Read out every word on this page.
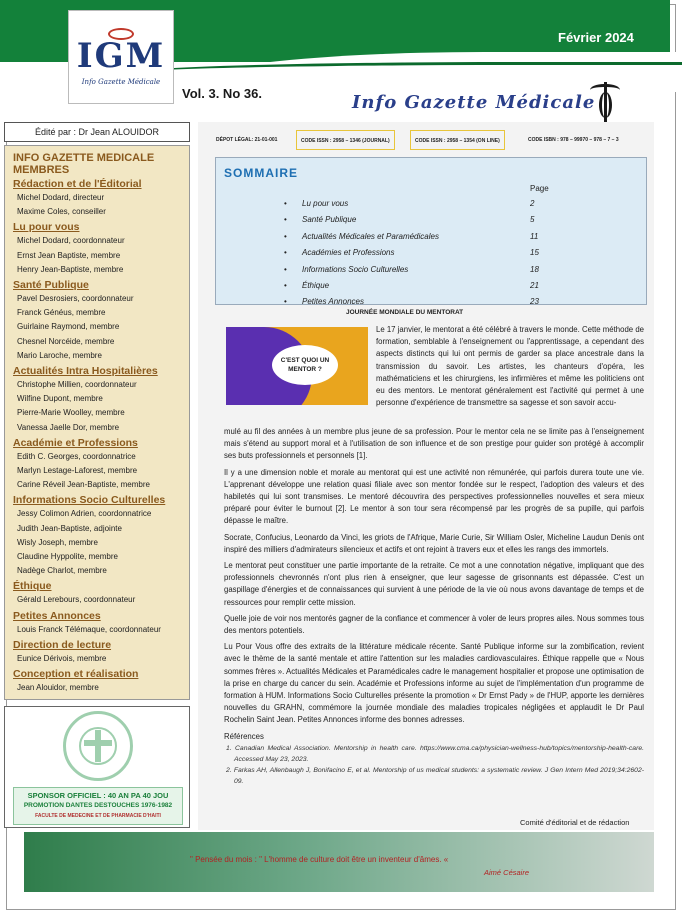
IGM
Info Gazette Médicale
Février 2024
Vol. 3. No 36.	Info Gazette Médicale
Édité par : Dr Jean ALOUIDOR
INFO GAZETTE MEDICALE
MEMBRES
Rédaction et de l'Éditorial
Michel Dodard, directeur
Maxime Coles, conseiller
Lu pour vous
Michel Dodard, coordonnateur
Ernst Jean Baptiste, membre
Henry Jean-Baptiste, membre
Santé Publique
Pavel Desrosiers, coordonnateur
Franck Généus, membre
Guirlaine Raymond, membre
Chesnel Norcéide, membre
Mario Laroche, membre
Actualités Intra Hospitalières
Christophe Millien, coordonnateur
Wilfine Dupont, membre
Pierre-Marie Woolley, membre
Vanessa Jaelle Dor, membre
Académie et Professions
Edith C. Georges, coordonnatrice
Marlyn Lestage-Laforest, membre
Carine Réveil Jean-Baptiste, membre
Informations Socio Culturelles
Jessy Colimon Adrien, coordonnatrice
Judith Jean-Baptiste, adjointe
Wisly Joseph, membre
Claudine Hyppolite, membre
Nadège Charlot, membre
Éthique
Gérald Lerebours, coordonnateur
Petites Annonces
Louis Franck Télémaque, coordonnateur
Direction de lecture
Eunice Dérivois, membre
Conception et réalisation
Jean Alouidor, membre
SPONSOR OFFICIEL : 40 AN PA 40 JOU
PROMOTION DANTES DESTOUCHES 1976-1982
FACULTE DE MEDECINE ET DE PHARMACIE D'HAITI
DÉPOT LÉGAL: 21-01-001	CODE ISSN : 2958 – 1346 (JOURNAL)	CODE ISSN : 2958 – 1354 (ON LINE)	CODE ISBN : 978 – 99970 – 978 – 7 – 3
SOMMAIRE
Page
• Lu pour vous	2
• Santé Publique	5
• Actualités Médicales et Paramédicales	11
• Académies et Professions	15
• Informations Socio Culturelles	18
• Éthique	21
• Petites Annonces	23
JOURNÉE MONDIALE DU MENTORAT
C'EST QUOI UN MENTOR ?
Le 17 janvier, le mentorat a été célébré à travers le monde. Cette méthode de formation, semblable à l'enseignement ou l'apprentissage, a cependant des aspects distincts qui lui ont permis de garder sa place ancestrale dans la transmission du savoir. Les artistes, les chanteurs d'opéra, les mathématiciens et les chirurgiens, les infirmières et même les politiciens ont eu des mentors. Le mentorat généralement est l'activité qui permet à une personne d'expérience de transmettre sa sagesse et son savoir accu-

mulé au fil des années à un membre plus jeune de sa profession. Pour le mentor cela ne se limite pas à l'enseignement mais s'étend au support moral et à l'utilisation de son influence et de son prestige pour guider son protégé à accomplir ses buts professionnels et personnels [1].

Il y a une dimension noble et morale au mentorat qui est une activité non rémunérée, qui parfois durera toute une vie. L'apprenant développe une relation quasi filiale avec son mentor fondée sur le respect, l'adoption des valeurs et des habiletés qui lui sont transmises. Le mentoré découvrira des perspectives professionnelles nouvelles et sera mieux préparé pour éviter le burnout [2]. Le mentor à son tour sera récompensé par les progrès de sa pupille, qui parfois dépasse le maître.

Socrate, Confucius, Leonardo da Vinci, les griots de l'Afrique, Marie Curie, Sir William Osler, Micheline Laudun Denis ont inspiré des milliers d'admirateurs silencieux et actifs et ont rejoint à travers eux et elles les rangs des immortels.

Le mentorat peut constituer une partie importante de la retraite. Ce mot a une connotation négative, impliquant que des professionnels chevronnés n'ont plus rien à enseigner, que leur sagesse de grisonnants est dépassée. C'est un gaspillage d'énergies et de connaissances qui survient à une période de la vie où nous avons davantage de temps et de ressources pour remplir cette mission.

Quelle joie de voir nos mentorés gagner de la confiance et commencer à voler de leurs propres ailes. Nous sommes tous des mentors potentiels.

Lu Pour Vous offre des extraits de la littérature médicale récente. Santé Publique informe sur la zombification, revient avec le thème de la santé mentale et attire l'attention sur les maladies cardiovasculaires. Éthique rappelle que « Nous sommes frères ». Actualités Médicales et Paramédicales cadre le management hospitalier et propose une optimisation de la prise en charge du cancer du sein. Académie et Professions informe au sujet de l'implémentation d'un programme de formation à HUM. Informations Socio Culturelles présente la promotion « Dr Ernst Pady » de l'HUP, apporte les dernières nouvelles du GRAHN, commémore la journée mondiale des maladies tropicales négligées et applaudit le Dr Paul Rochelin Saint Jean. Petites Annonces informe des bonnes adresses.

Références
1. Canadian Medical Association. Mentorship in health care. https://www.cma.ca/physician-wellness-hub/topics/mentorship-health-care. Accessed May 23, 2023.
2. Farkas AH, Allenbaugh J, Bonifacino E, et al. Mentorship of us medical students: a systematic review. J Gen Intern Med 2019;34:2602-09.
Comité d'éditorial et de rédaction
" Pensée du mois : " L'homme de culture doit être un inventeur d'âmes. «
Aimé Césaire
